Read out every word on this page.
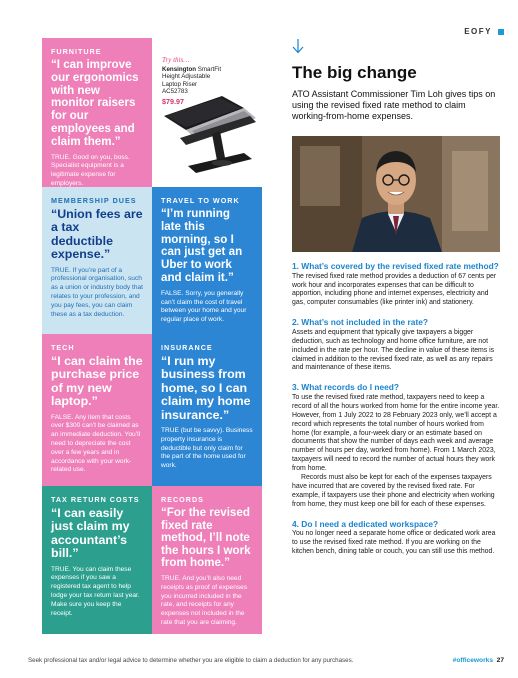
EOFY
FURNITURE
“I can improve our ergonomics with new monitor raisers for our employees and claim them.”
TRUE. Good on you, boss. Specialist equipment is a legitimate expense for employers.
Try this…
Kensington SmartFit Height Adjustable Laptop Riser AC52783
$79.97
MEMBERSHIP DUES
“Union fees are a tax deductible expense.”
TRUE. If you’re part of a professional organisation, such as a union or industry body that relates to your profession, and you pay fees, you can claim these as a tax deduction.
TRAVEL TO WORK
“I’m running late this morning, so I can just get an Uber to work and claim it.”
FALSE. Sorry, you generally can’t claim the cost of travel between your home and your regular place of work.
TECH
“I can claim the purchase price of my new laptop.”
FALSE. Any item that costs over $300 can’t be claimed as an immediate deduction. You’ll need to depreciate the cost over a few years and in accordance with your work-related use.
INSURANCE
“I run my business from home, so I can claim my home insurance.”
TRUE (but be savvy). Business property insurance is deductible but only claim for the part of the home used for work.
TAX RETURN COSTS
“I can easily just claim my accountant’s bill.”
TRUE. You can claim these expenses if you saw a registered tax agent to help lodge your tax return last year. Make sure you keep the receipt.
RECORDS
“For the revised fixed rate method, I’ll note the hours I work from home.”
TRUE. And you’ll also need receipts as proof of expenses you incurred included in the rate, and receipts for any expenses not included in the rate that you are claiming.
The big change
ATO Assistant Commissioner Tim Loh gives tips on using the revised fixed rate method to claim working-from-home expenses.
1. What’s covered by the revised fixed rate method?
The revised fixed rate method provides a deduction of 67 cents per work hour and incorporates expenses that can be difficult to apportion, including phone and internet expenses, electricity and gas, computer consumables (like printer ink) and stationery.
2. What’s not included in the rate?
Assets and equipment that typically give taxpayers a bigger deduction, such as technology and home office furniture, are not included in the rate per hour. The decline in value of these items is claimed in addition to the revised fixed rate, as well as any repairs and maintenance of these items.
3. What records do I need?
To use the revised fixed rate method, taxpayers need to keep a record of all the hours worked from home for the entire income year. However, from 1 July 2022 to 28 February 2023 only, we’ll accept a record which represents the total number of hours worked from home (for example, a four-week diary or an estimate based on documents that show the number of days each week and average number of hours per day, worked from home). From 1 March 2023, taxpayers will need to record the number of actual hours they work from home.
Records must also be kept for each of the expenses taxpayers have incurred that are covered by the revised fixed rate. For example, if taxpayers use their phone and electricity when working from home, they must keep one bill for each of these expenses.
4. Do I need a dedicated workspace?
You no longer need a separate home office or dedicated work area to use the revised fixed rate method. If you are working on the kitchen bench, dining table or couch, you can still use this method.
Seek professional tax and/or legal advice to determine whether you are eligible to claim a deduction for any purchases.	#officeworks 27
